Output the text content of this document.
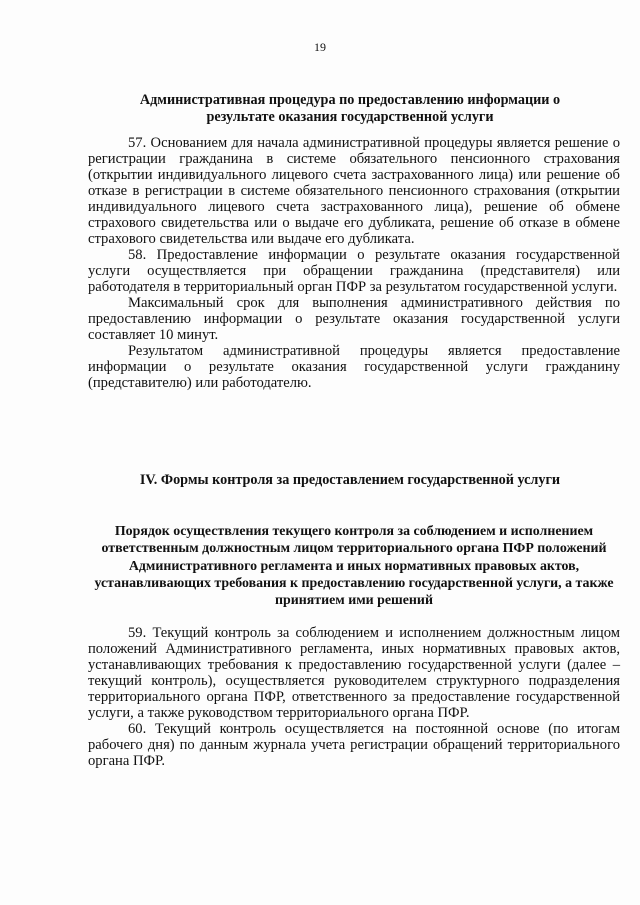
19
Административная процедура по предоставлению информации о результате оказания государственной услуги

57. Основанием для начала административной процедуры является решение о регистрации гражданина в системе обязательного пенсионного страхования (открытии индивидуального лицевого счета застрахованного лица) или решение об отказе в регистрации в системе обязательного пенсионного страхования (открытии индивидуального лицевого счета застрахованного лица), решение об обмене страхового свидетельства или о выдаче его дубликата, решение об отказе в обмене страхового свидетельства или выдаче его дубликата.

58. Предоставление информации о результате оказания государственной услуги осуществляется при обращении гражданина (представителя) или работодателя в территориальный орган ПФР за результатом государственной услуги.

Максимальный срок для выполнения административного действия по предоставлению информации о результате оказания государственной услуги составляет 10 минут.

Результатом административной процедуры является предоставление информации о результате оказания государственной услуги гражданину (представителю) или работодателю.

IV. Формы контроля за предоставлением государственной услуги
Порядок осуществления текущего контроля за соблюдением и исполнением ответственным должностным лицом территориального органа ПФР положений Административного регламента и иных нормативных правовых актов, устанавливающих требования к предоставлению государственной услуги, а также принятием ими решений

59. Текущий контроль за соблюдением и исполнением должностным лицом положений Административного регламента, иных нормативных правовых актов, устанавливающих требования к предоставлению государственной услуги (далее – текущий контроль), осуществляется руководителем структурного подразделения территориального органа ПФР, ответственного за предоставление государственной услуги, а также руководством территориального органа ПФР.

60. Текущий контроль осуществляется на постоянной основе (по итогам рабочего дня) по данным журнала учета регистрации обращений территориального органа ПФР.
